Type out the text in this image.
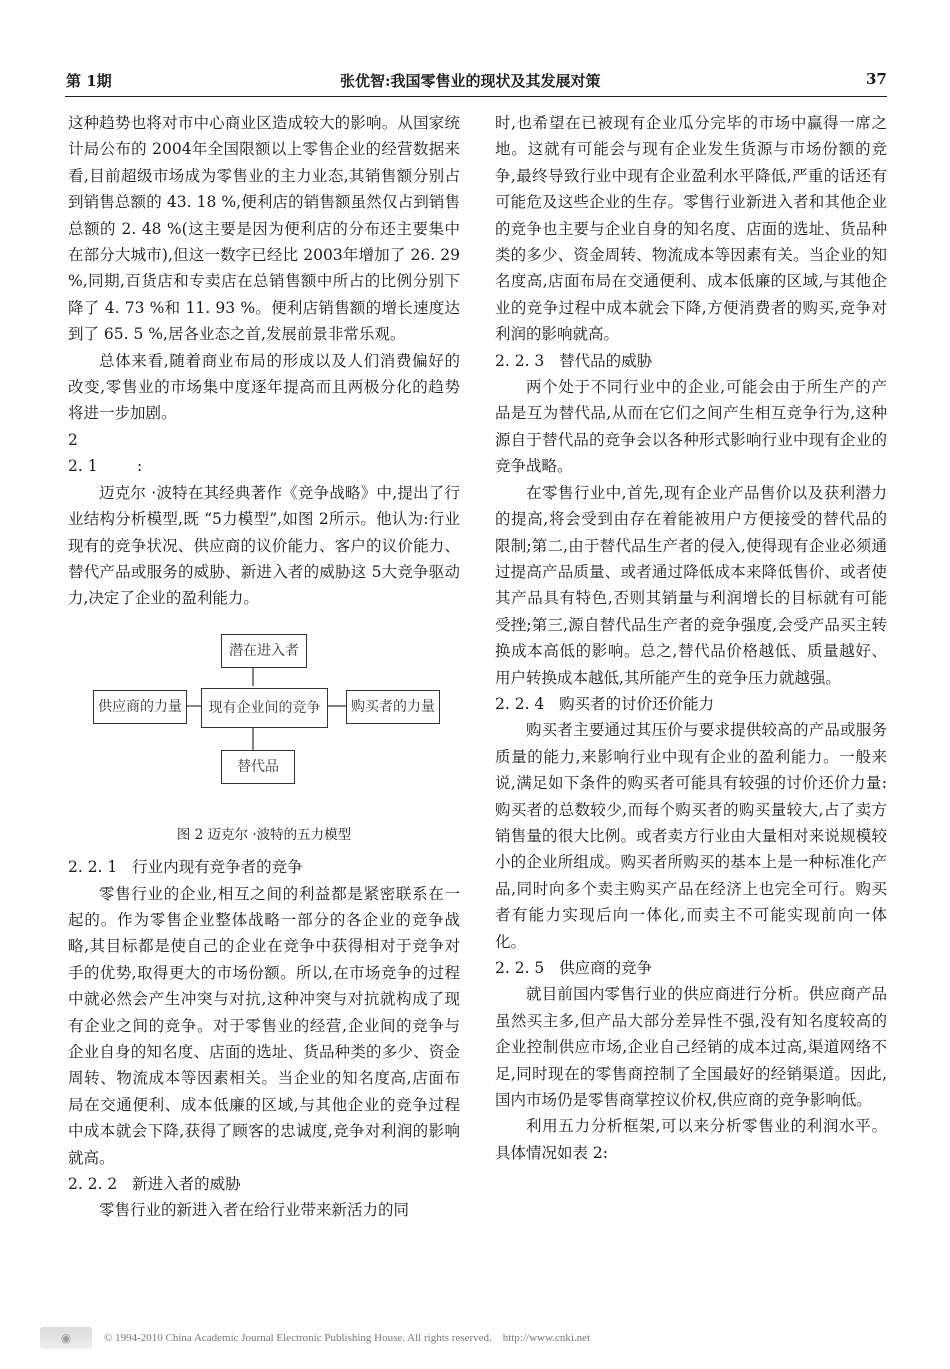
第 1期	张优智:我国零售业的现状及其发展对策	37

这种趋势也将对市中心商业区造成较大的影响。从国家统计局公布的 2004年全国限额以上零售企业的经营数据来看,目前超级市场成为零售业的主力业态,其销售额分别占到销售总额的 43. 18 %,便利店的销售额虽然仅占到销售总额的 2. 48 %(这主要是因为便利店的分布还主要集中在部分大城市),但这一数字已经比 2003年增加了 26. 29 %,同期,百货店和专卖店在总销售额中所占的比例分别下降了 4. 73 %和 11. 93 %。便利店销售额的增长速度达到了 65. 5 %,居各业态之首,发展前景非常乐观。

总体来看,随着商业布局的形成以及人们消费偏好的改变,零售业的市场集中度逐年提高而且两极分化的趋势将进一步加剧。

2

2. 1        :

迈克尔 ·波特在其经典著作《竞争战略》中,提出了行业结构分析模型,既 “5力模型”,如图 2所示。他认为:行业现有的竞争状况、供应商的议价能力、客户的议价能力、替代产品或服务的威胁、新进入者的威胁这 5大竞争驱动力,决定了企业的盈利能力。

潜在进入者
供应商的力量	现有企业间的竞争	购买者的力量
替代品
图 2 迈克尔 ·波特的五力模型

2. 2. 1   行业内现有竞争者的竞争

零售行业的企业,相互之间的利益都是紧密联系在一起的。作为零售企业整体战略一部分的各企业的竞争战略,其目标都是使自己的企业在竞争中获得相对于竞争对手的优势,取得更大的市场份额。所以,在市场竞争的过程中就必然会产生冲突与对抗,这种冲突与对抗就构成了现有企业之间的竞争。对于零售业的经营,企业间的竞争与企业自身的知名度、店面的选址、货品种类的多少、资金周转、物流成本等因素相关。当企业的知名度高,店面布局在交通便利、成本低廉的区域,与其他企业的竞争过程中成本就会下降,获得了顾客的忠诚度,竞争对利润的影响就高。

2. 2. 2   新进入者的威胁

零售行业的新进入者在给行业带来新活力的同

时,也希望在已被现有企业瓜分完毕的市场中赢得一席之地。这就有可能会与现有企业发生货源与市场份额的竞争,最终导致行业中现有企业盈利水平降低,严重的话还有可能危及这些企业的生存。零售行业新进入者和其他企业的竞争也主要与企业自身的知名度、店面的选址、货品种类的多少、资金周转、物流成本等因素有关。当企业的知名度高,店面布局在交通便利、成本低廉的区域,与其他企业的竞争过程中成本就会下降,方便消费者的购买,竞争对利润的影响就高。

2. 2. 3   替代品的威胁

两个处于不同行业中的企业,可能会由于所生产的产品是互为替代品,从而在它们之间产生相互竞争行为,这种源自于替代品的竞争会以各种形式影响行业中现有企业的竞争战略。

在零售行业中,首先,现有企业产品售价以及获利潜力的提高,将会受到由存在着能被用户方便接受的替代品的限制;第二,由于替代品生产者的侵入,使得现有企业必须通过提高产品质量、或者通过降低成本来降低售价、或者使其产品具有特色,否则其销量与利润增长的目标就有可能受挫;第三,源自替代品生产者的竞争强度,会受产品买主转换成本高低的影响。总之,替代品价格越低、质量越好、用户转换成本越低,其所能产生的竞争压力就越强。

2. 2. 4   购买者的讨价还价能力

购买者主要通过其压价与要求提供较高的产品或服务质量的能力,来影响行业中现有企业的盈利能力。一般来说,满足如下条件的购买者可能具有较强的讨价还价力量:购买者的总数较少,而每个购买者的购买量较大,占了卖方销售量的很大比例。或者卖方行业由大量相对来说规模较小的企业所组成。购买者所购买的基本上是一种标准化产品,同时向多个卖主购买产品在经济上也完全可行。购买者有能力实现后向一体化,而卖主不可能实现前向一体化。

2. 2. 5   供应商的竞争

就目前国内零售行业的供应商进行分析。供应商产品虽然买主多,但产品大部分差异性不强,没有知名度较高的企业控制供应市场,企业自己经销的成本过高,渠道网络不足,同时现在的零售商控制了全国最好的经销渠道。因此,国内市场仍是零售商掌控议价权,供应商的竞争影响低。

利用五力分析框架,可以来分析零售业的利润水平。具体情况如表 2:

◉	© 1994-2010 China Academic Journal Electronic Publishing House. All rights reserved.    http://www.cnki.net
